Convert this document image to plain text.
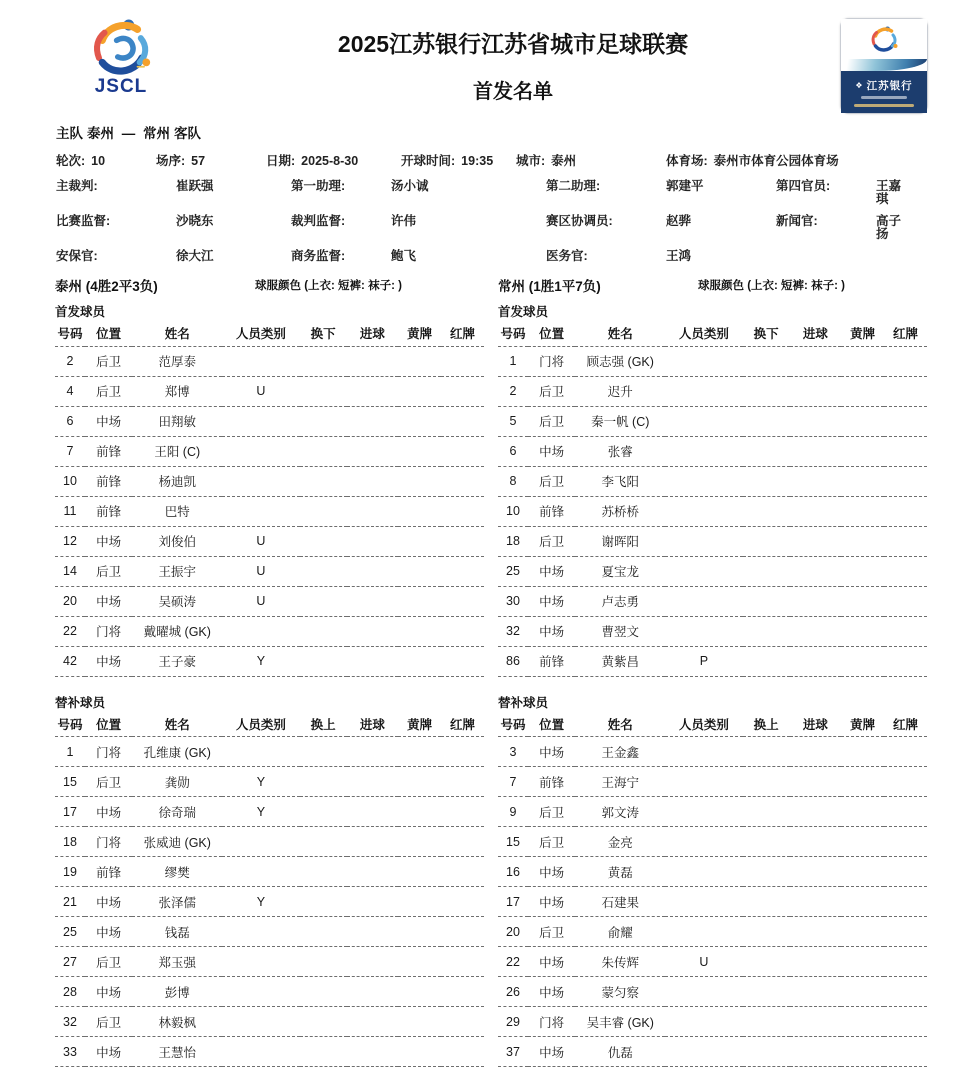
JSCL
2025江苏银行江苏省城市足球联赛
首发名单	❖ 江苏银行
主队 泰州 — 常州 客队
轮次: 10	场序: 57	日期: 2025-8-30	开球时间: 19:35	城市: 泰州	体育场: 泰州市体育公园体育场
主裁判:	崔跃强	第一助理:	汤小诚	第二助理:	郭建平	第四官员:	王嘉琪
比赛监督:	沙晓东	裁判监督:	许伟	赛区协调员:	赵骅	新闻官:	高子扬
安保官:	徐大江	商务监督:	鲍飞	医务官:	王鸿
泰州 (4胜2平3负)	球服颜色 (上衣: 短裤: 袜子: )
首发球员
号码	位置	姓名	人员类别	换下	进球	黄牌	红牌
2	后卫	范厚泰					
4	后卫	郑博	U				
6	中场	田翔敏					
7	前锋	王阳 (C)					
10	前锋	杨迪凯					
11	前锋	巴特					
12	中场	刘俊伯	U				
14	后卫	王振宇	U				
20	中场	吴硕涛	U				
22	门将	戴曜城 (GK)					
42	中场	王子豪	Y				
替补球员
号码	位置	姓名	人员类别	换上	进球	黄牌	红牌
1	门将	孔维康 (GK)					
15	后卫	龚勋	Y				
17	中场	徐奇瑞	Y				
18	门将	张威迪 (GK)					
19	前锋	缪樊					
21	中场	张泽儒	Y				
25	中场	钱磊					
27	后卫	郑玉强					
28	中场	彭博					
32	后卫	林毅枫					
33	中场	王慧怡					
常州 (1胜1平7负)	球服颜色 (上衣: 短裤: 袜子: )
首发球员
号码	位置	姓名	人员类别	换下	进球	黄牌	红牌
1	门将	顾志强 (GK)					
2	后卫	迟升					
5	后卫	秦一帆 (C)					
6	中场	张睿					
8	后卫	李飞阳					
10	前锋	苏桥桥					
18	后卫	谢晖阳					
25	中场	夏宝龙					
30	中场	卢志勇					
32	中场	曹翌文					
86	前锋	黄紫昌	P				
替补球员
号码	位置	姓名	人员类别	换上	进球	黄牌	红牌
3	中场	王金鑫					
7	前锋	王海宁					
9	后卫	郭文涛					
15	后卫	金亮					
16	中场	黄磊					
17	中场	石建果					
20	后卫	俞耀					
22	中场	朱传辉	U				
26	中场	蒙匀察					
29	门将	吴丰睿 (GK)					
37	中场	仇磊					
